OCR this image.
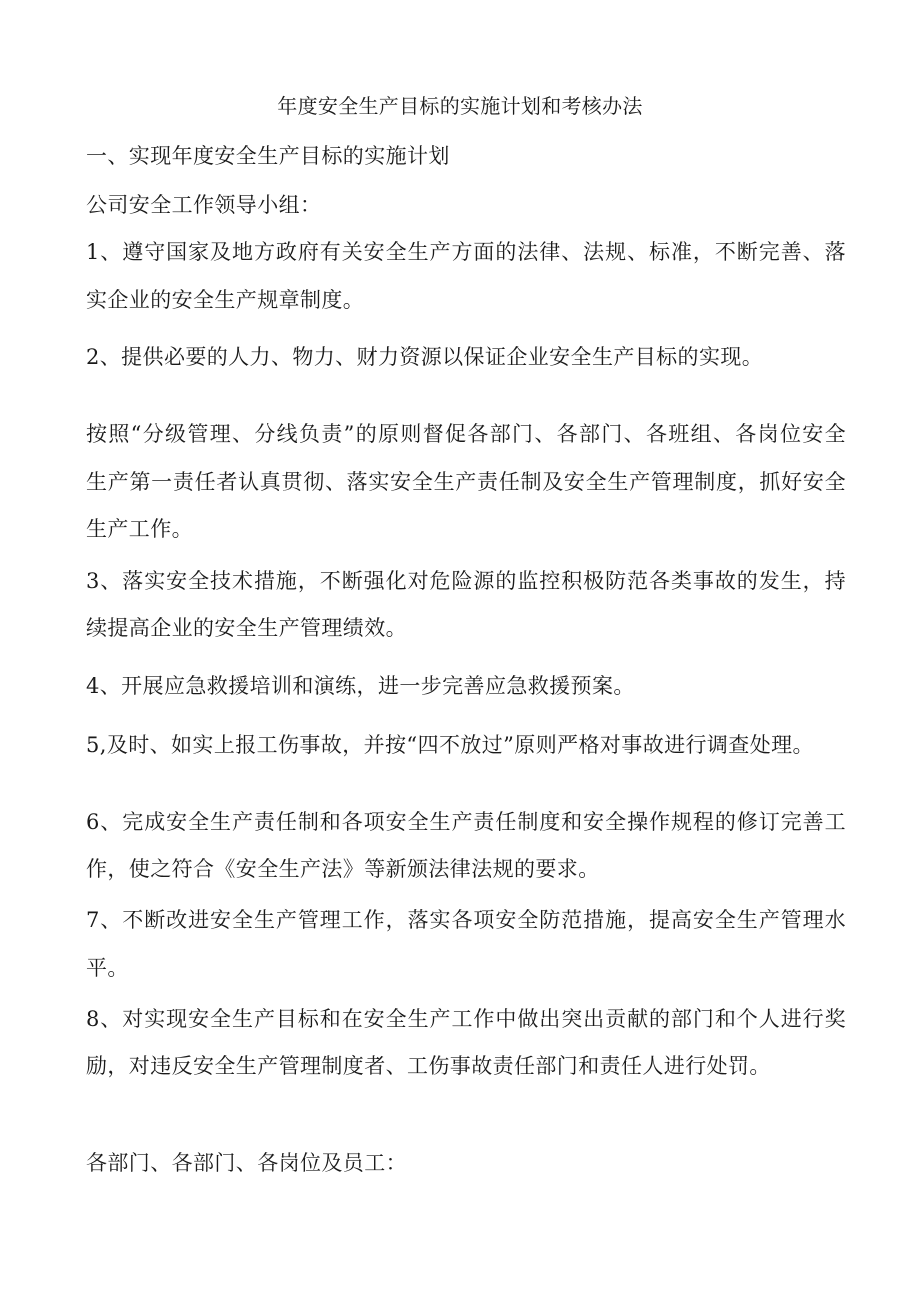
年度安全生产目标的实施计划和考核办法
一、实现年度安全生产目标的实施计划
公司安全工作领导小组：
1、遵守国家及地方政府有关安全生产方面的法律、法规、标准，不断完善、落
实企业的安全生产规章制度。
2、提供必要的人力、物力、财力资源以保证企业安全生产目标的实现。
按照“分级管理、分线负责”的原则督促各部门、各部门、各班组、各岗位安全
生产第一责任者认真贯彻、落实安全生产责任制及安全生产管理制度，抓好安全
生产工作。
3、落实安全技术措施，不断强化对危险源的监控积极防范各类事故的发生，持
续提高企业的安全生产管理绩效。
4、开展应急救援培训和演练，进一步完善应急救援预案。
5,及时、如实上报工伤事故，并按“四不放过”原则严格对事故进行调查处理。
6、完成安全生产责任制和各项安全生产责任制度和安全操作规程的修订完善工
作，使之符合《安全生产法》等新颁法律法规的要求。
7、不断改进安全生产管理工作，落实各项安全防范措施，提高安全生产管理水
平。
8、对实现安全生产目标和在安全生产工作中做出突出贡献的部门和个人进行奖
励，对违反安全生产管理制度者、工伤事故责任部门和责任人进行处罚。
各部门、各部门、各岗位及员工：
